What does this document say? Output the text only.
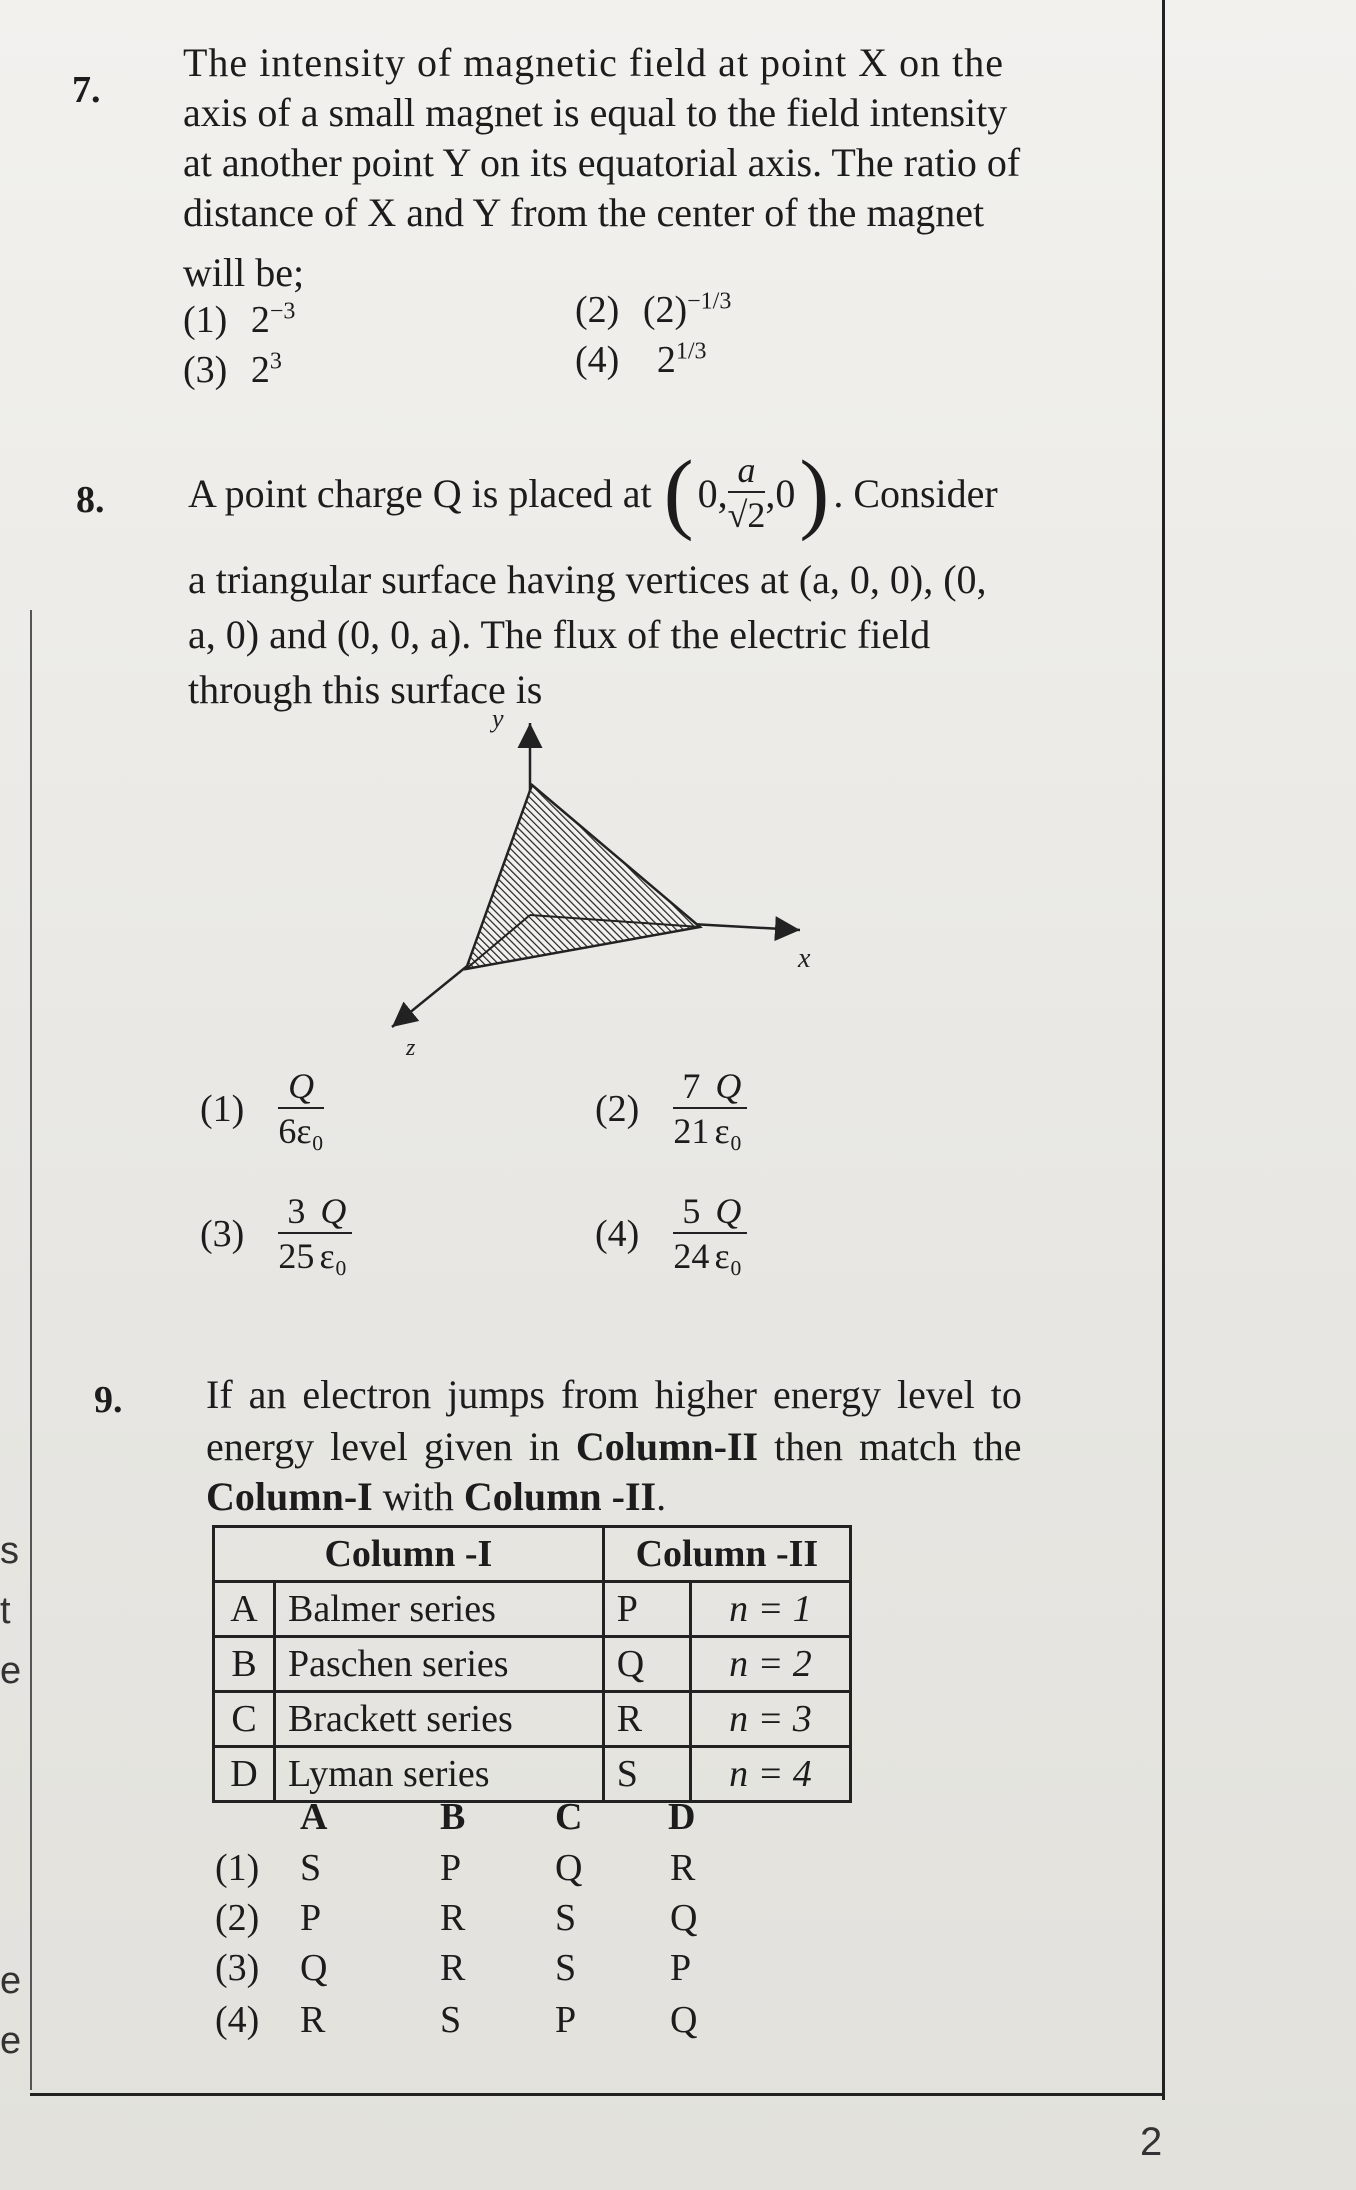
s
t
e
e
e
7.
The intensity of magnetic field at point X on the
axis of a small magnet is equal to the field intensity
at another point Y on its equatorial axis. The ratio of
distance of X and Y from the center of the magnet
will be;
(1) $2^{-3}$	(2) $(2)^{-1/3}$
(3) $2^3$	(4) $2^{1/3}$
8. A point charge Q is placed at ( 0, $\frac{a}{√2} ,0$ ) . Consider
a triangular surface having vertices at (a, 0, 0), (0,
a, 0) and (0, 0, a). The flux of the electric field
through this surface is
y
x
z
$(1) \frac{Q}{\text{6ε₀}}$	$(2) \frac{7}{21} \frac{Q}{\text{ε₀}}$
$(3) \frac{3}{25} \frac{Q}{\text{ε₀}}$	$(4) \frac{5}{24} \frac{Q}{\text{ε₀}}$
9. If an electron jumps from higher energy level to
energy level given in Column-II then match the
Column-I with Column -II.
Column -I		Column -II	
A	Balmer series	P	n = 1
B	Paschen series	Q	n = 2
C	Brackett series	R	n = 3
D	Lyman series	S	n = 4
A	B C D
(1) S	P Q R
(2) P	R S Q
(3) Q	R S P
(4) R	S P Q
2
